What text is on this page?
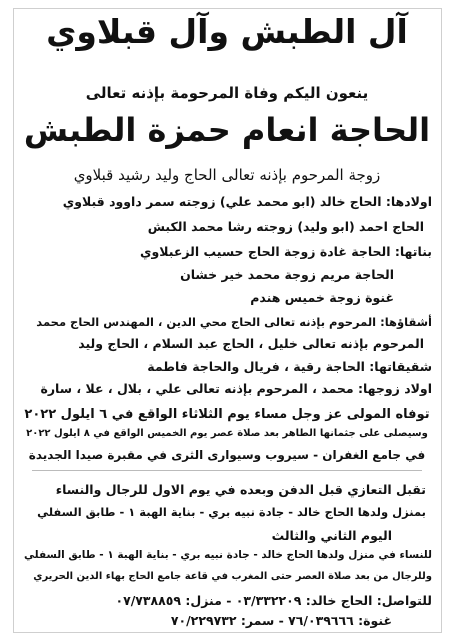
آل الطبش وآل قبلاوي
ينعون اليكم وفاة المرحومة بإذنه تعالى
الحاجة انعام حمزة الطبش
زوجة المرحوم بإذنه تعالى الحاج وليد رشيد قبلاوي
اولادها: الحاج خالد (ابو محمد علي) زوجته سمر داوود قبلاوي
الحاج احمد (ابو وليد) زوجته رشا محمد الكبش
بناتها: الحاجة غادة زوجة الحاج حسيب الزعبلاوي
الحاجة مريم زوجة محمد خير خشان
غنوة زوجة خميس هندم
أشقاؤها: المرحوم بإذنه تعالى الحاج محي الدين ، المهندس الحاج محمد
المرحوم بإذنه تعالى خليل ، الحاج عبد السلام ، الحاج وليد
شقيقاتها: الحاجة رقية ، فريال والحاجة فاطمة
اولاد زوجها: محمد ، المرحوم بإذنه تعالى علي ، بلال ، علا ، سارة
توفاه المولى عز وجل مساء يوم الثلاثاء الواقع في ٦ ايلول ٢٠٢٢
وسيصلى على جثمانها الطاهر بعد صلاة عصر يوم الخميس الواقع في ٨ ايلول ٢٠٢٢
في جامع الغفران - سيروب وسيوارى الثرى في مقبرة صيدا الجديدة
تقبل التعازي قبل الدفن وبعده في يوم الاول للرجال والنساء
بمنزل ولدها الحاج خالد - جادة نبيه بري - بناية الهبة ١ - طابق السفلي
اليوم الثاني والثالث
للنساء في منزل ولدها الحاج خالد - جادة نبيه بري - بناية الهبة ١ - طابق السفلي
وللرجال من بعد صلاة العصر حتى المغرب في قاعة جامع الحاج بهاء الدين الحريري
للتواصل: الحاج خالد: ٠٣/٣٣٢٢٠٩ - منزل: ٠٧/٧٣٨٨٥٩
غنوة: ٧٦/٠٣٩٦٦٦ - سمر: ٧٠/٢٢٩٧٣٢
